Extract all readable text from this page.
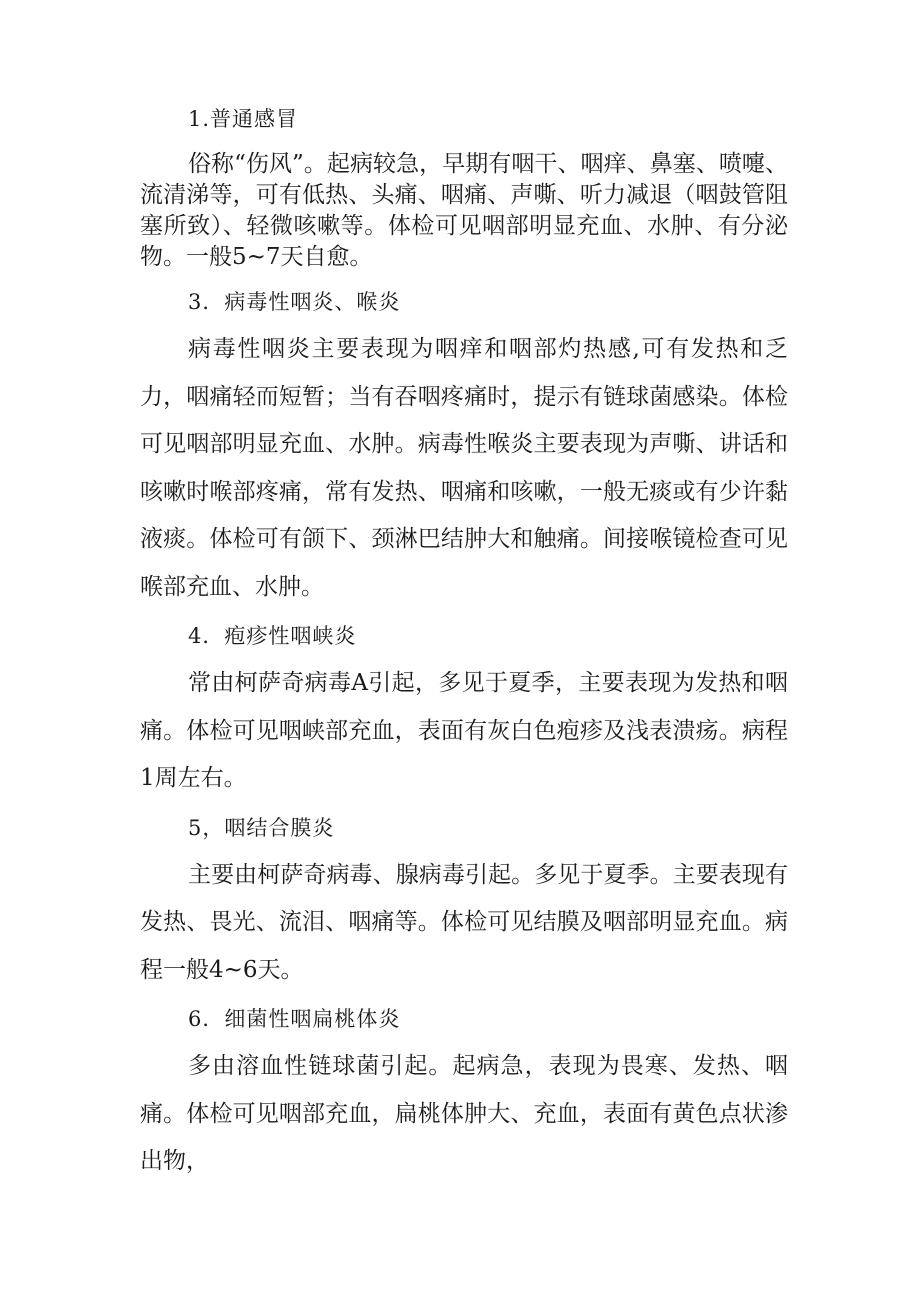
1.普通感冒

俗称“伤风”。起病较急，早期有咽干、咽痒、鼻塞、喷嚏、流清涕等，可有低热、头痛、咽痛、声嘶、听力减退（咽鼓管阻塞所致）、轻微咳嗽等。体检可见咽部明显充血、水肿、有分泌物。一般5~7天自愈。

3．病毒性咽炎、喉炎

病毒性咽炎主要表现为咽痒和咽部灼热感,可有发热和乏力，咽痛轻而短暂；当有吞咽疼痛时，提示有链球菌感染。体检可见咽部明显充血、水肿。病毒性喉炎主要表现为声嘶、讲话和咳嗽时喉部疼痛，常有发热、咽痛和咳嗽，一般无痰或有少许黏液痰。体检可有颌下、颈淋巴结肿大和触痛。间接喉镜检查可见喉部充血、水肿。

4．疱疹性咽峡炎

常由柯萨奇病毒A引起，多见于夏季，主要表现为发热和咽痛。体检可见咽峡部充血，表面有灰白色疱疹及浅表溃疡。病程1周左右。

5，咽结合膜炎

主要由柯萨奇病毒、腺病毒引起。多见于夏季。主要表现有发热、畏光、流泪、咽痛等。体检可见结膜及咽部明显充血。病程一般4~6天。

6．细菌性咽扁桃体炎

多由溶血性链球菌引起。起病急，表现为畏寒、发热、咽痛。体检可见咽部充血，扁桃体肿大、充血，表面有黄色点状渗出物，
